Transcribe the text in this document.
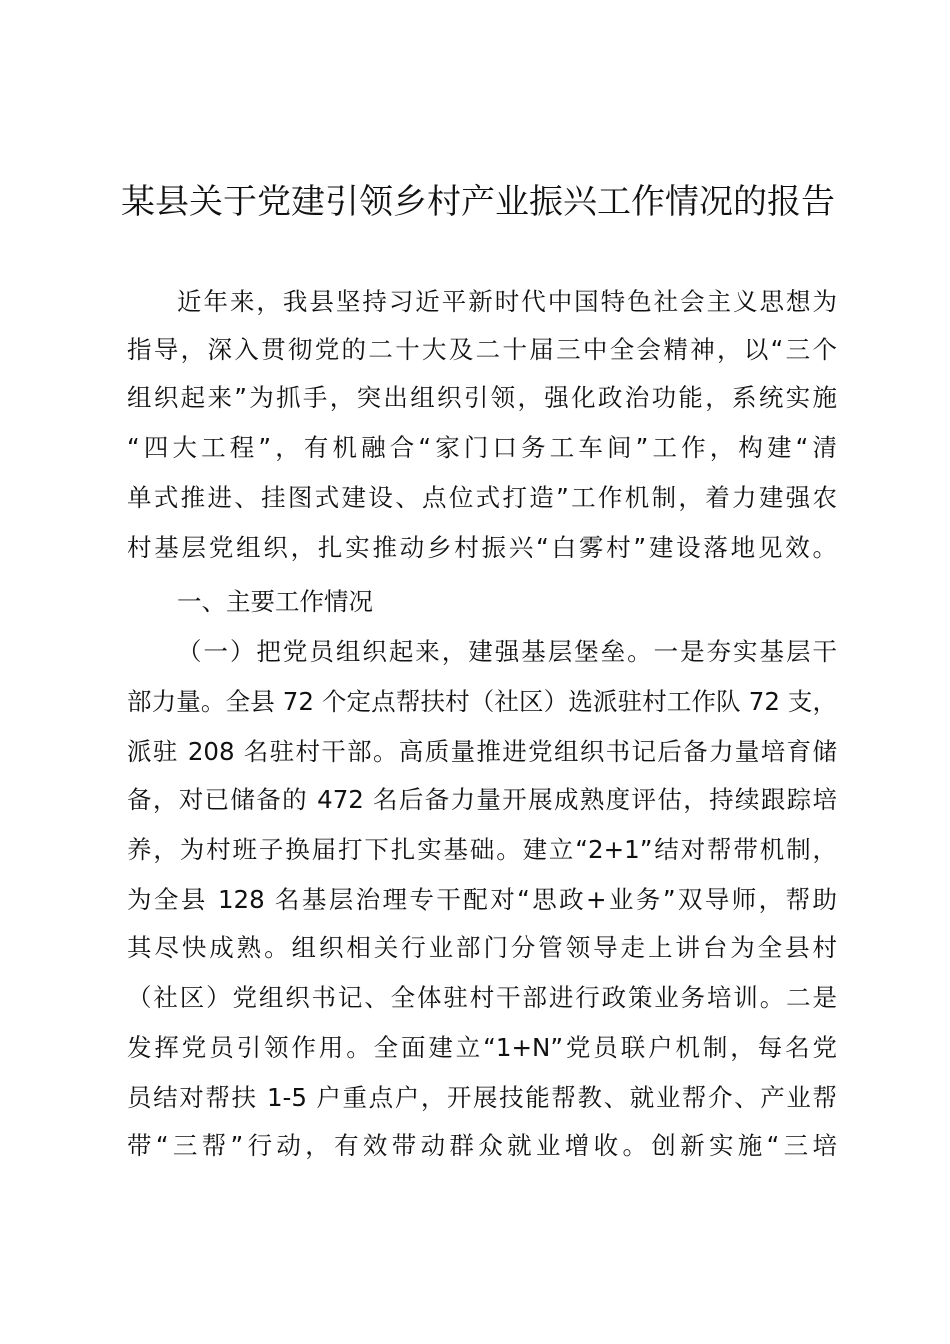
某县关于党建引领乡村产业振兴工作情况的报告
近年来，我县坚持习近平新时代中国特色社会主义思想为
指导，深入贯彻党的二十大及二十届三中全会精神，以“三个
组织起来”为抓手，突出组织引领，强化政治功能，系统实施
“四大工程”，有机融合“家门口务工车间”工作，构建“清
单式推进、挂图式建设、点位式打造”工作机制，着力建强农
村基层党组织，扎实推动乡村振兴“白雾村”建设落地见效。
一、主要工作情况
（一）把党员组织起来，建强基层堡垒。一是夯实基层干
部力量。全县 72 个定点帮扶村（社区）选派驻村工作队 72 支，
派驻 208 名驻村干部。高质量推进党组织书记后备力量培育储
备，对已储备的 472 名后备力量开展成熟度评估，持续跟踪培
养，为村班子换届打下扎实基础。建立“2+1”结对帮带机制，
为全县 128 名基层治理专干配对“思政+业务”双导师，帮助
其尽快成熟。组织相关行业部门分管领导走上讲台为全县村
（社区）党组织书记、全体驻村干部进行政策业务培训。二是
发挥党员引领作用。全面建立“1+N”党员联户机制，每名党
员结对帮扶 1-5 户重点户，开展技能帮教、就业帮介、产业帮
带“三帮”行动，有效带动群众就业增收。创新实施“三培
